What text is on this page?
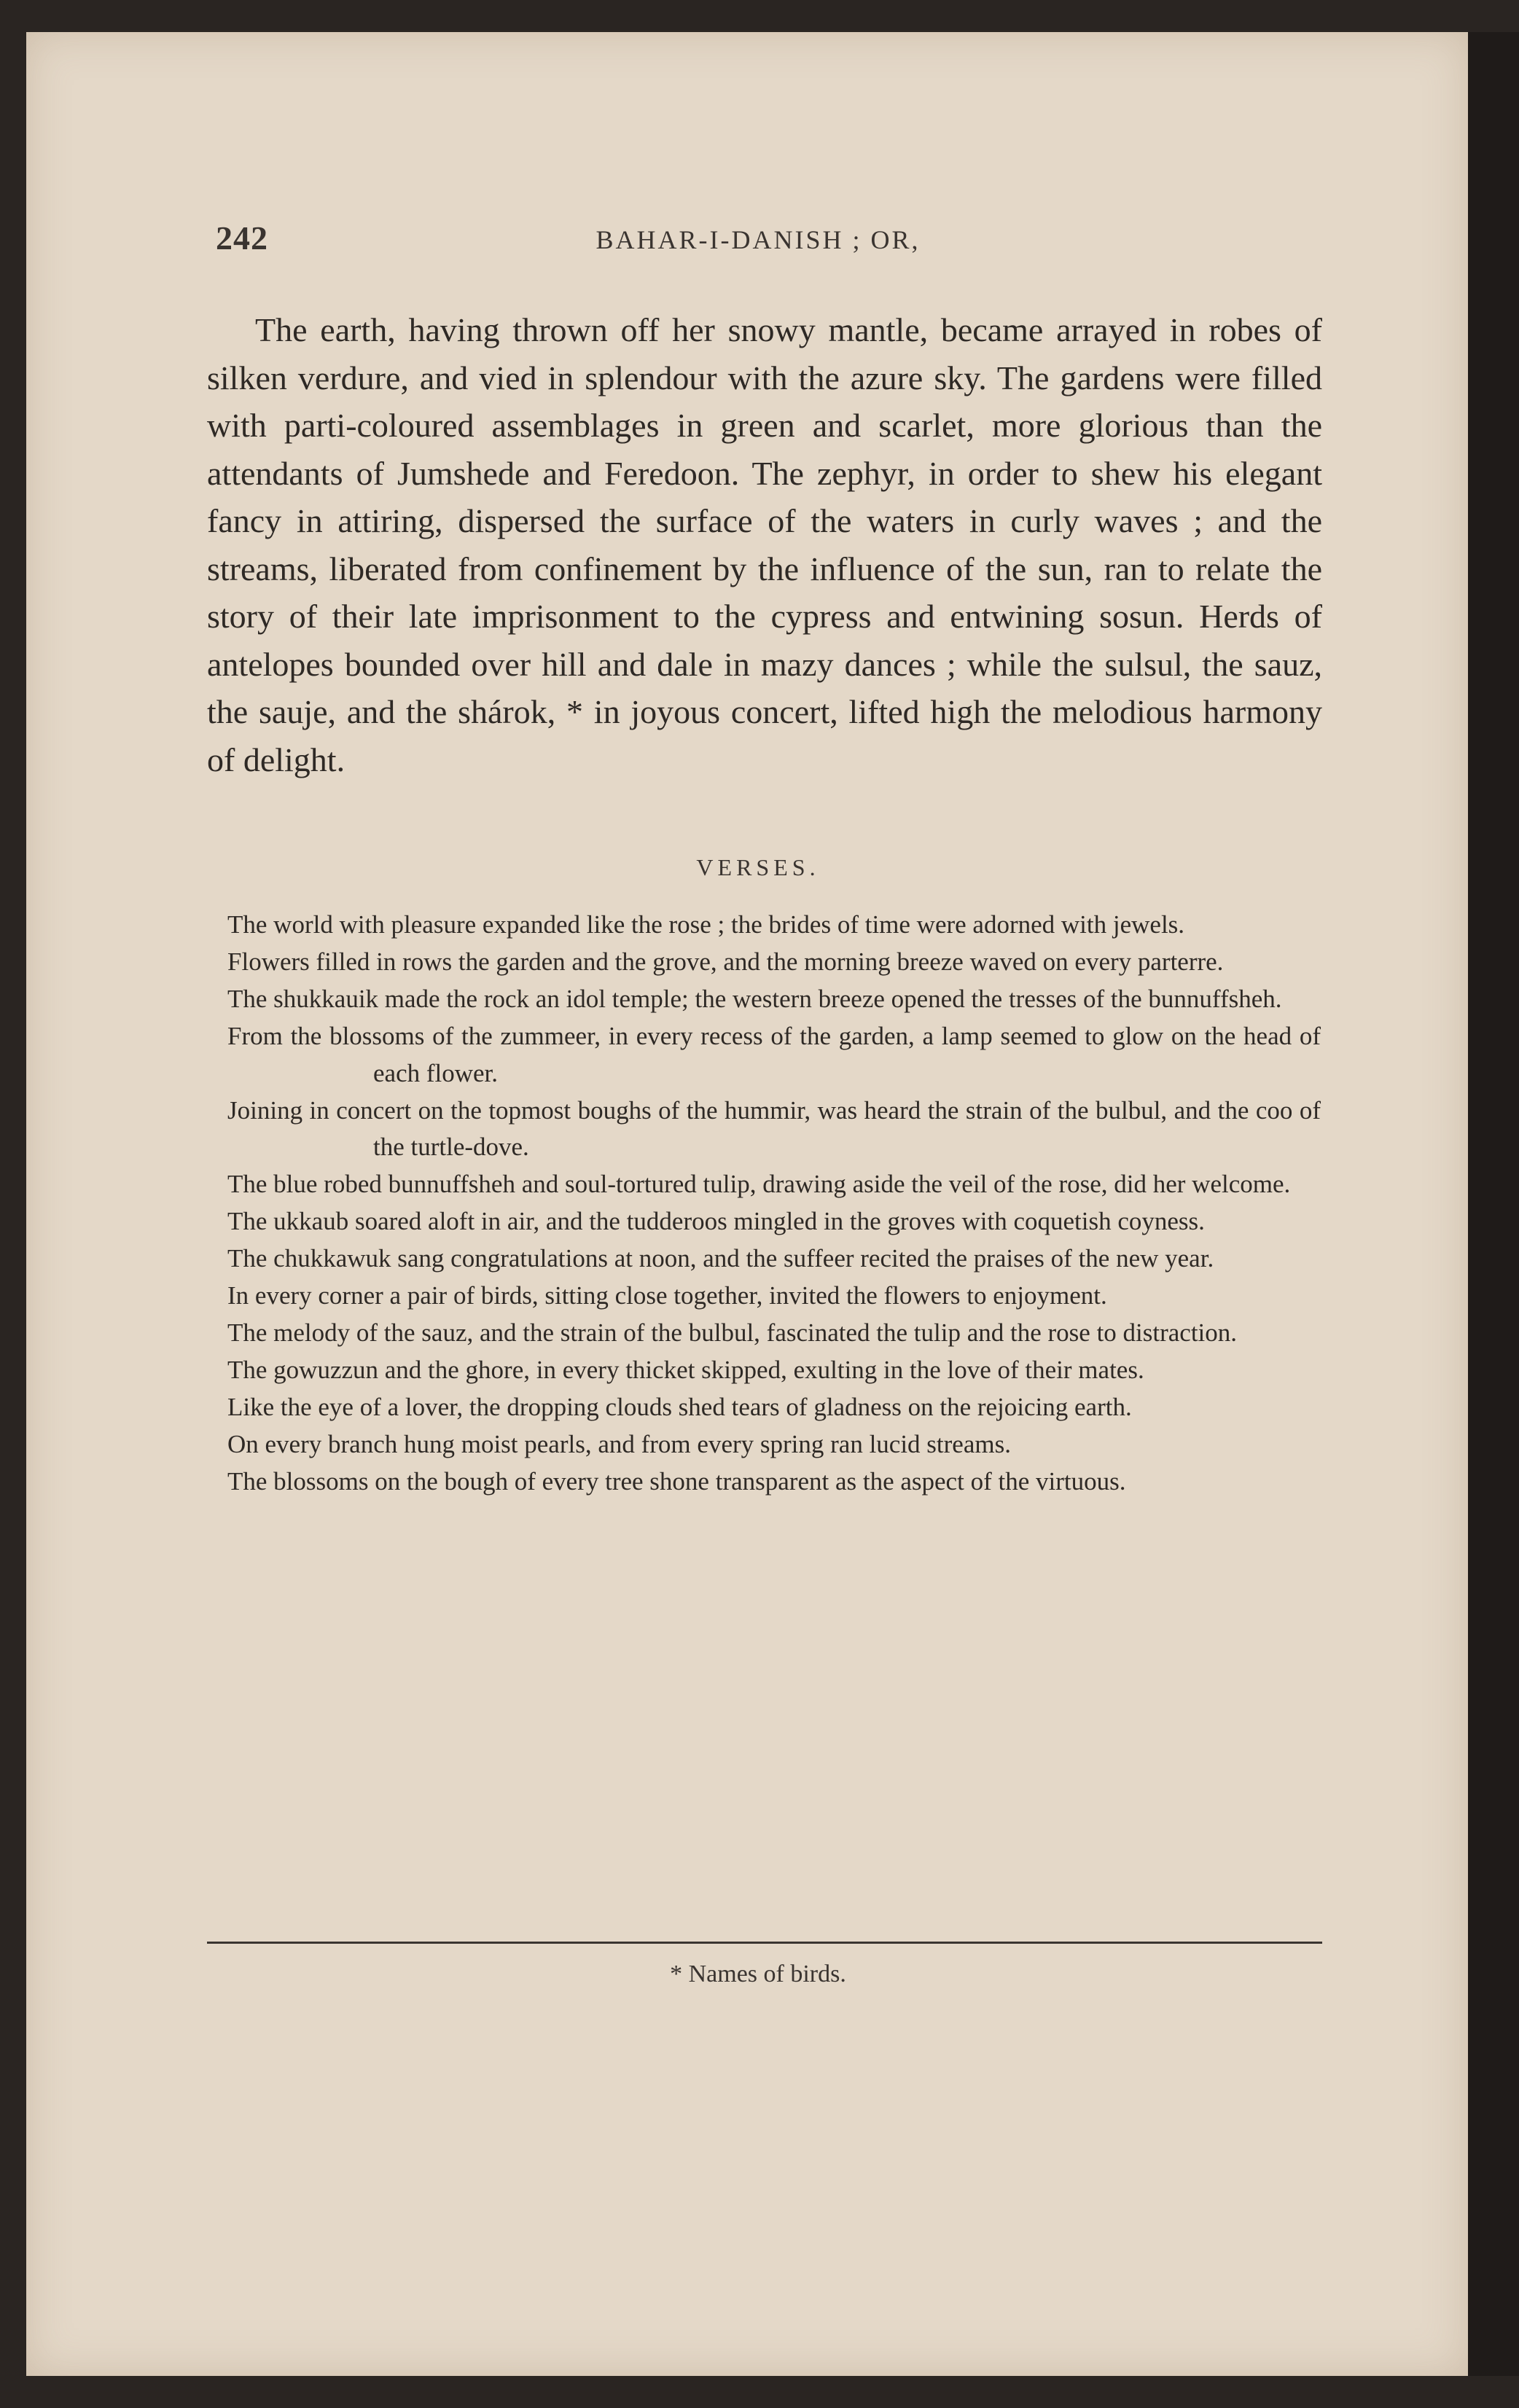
242	BAHAR-I-DANISH ; OR,

The earth, having thrown off her snowy mantle, became arrayed in robes of silken verdure, and vied in splendour with the azure sky. The gardens were filled with parti-coloured assemblages in green and scarlet, more glorious than the attendants of Jumshede and Feredoon. The zephyr, in order to shew his elegant fancy in attiring, dispersed the surface of the waters in curly waves ; and the streams, liberated from confinement by the influence of the sun, ran to relate the story of their late imprisonment to the cypress and entwining sosun. Herds of antelopes bounded over hill and dale in mazy dances ; while the sulsul, the sauz, the sauje, and the shárok, * in joyous concert, lifted high the melodious harmony of delight.

VERSES.
The world with pleasure expanded like the rose ; the brides of time were adorned with jewels.
Flowers filled in rows the garden and the grove, and the morning breeze waved on every parterre.
The shukkauik made the rock an idol temple; the western breeze opened the tresses of the bunnuffsheh.
From the blossoms of the zummeer, in every recess of the garden, a lamp seemed to glow on the head of each flower.
Joining in concert on the topmost boughs of the hummir, was heard the strain of the bulbul, and the coo of the turtle-dove.
The blue robed bunnuffsheh and soul-tortured tulip, drawing aside the veil of the rose, did her welcome.
The ukkaub soared aloft in air, and the tudderoos mingled in the groves with coquetish coyness.
The chukkawuk sang congratulations at noon, and the suffeer recited the praises of the new year.
In every corner a pair of birds, sitting close together, invited the flowers to enjoyment.
The melody of the sauz, and the strain of the bulbul, fascinated the tulip and the rose to distraction.
The gowuzzun and the ghore, in every thicket skipped, exulting in the love of their mates.
Like the eye of a lover, the dropping clouds shed tears of gladness on the rejoicing earth.
On every branch hung moist pearls, and from every spring ran lucid streams.
The blossoms on the bough of every tree shone transparent as the aspect of the virtuous.
* Names of birds.
